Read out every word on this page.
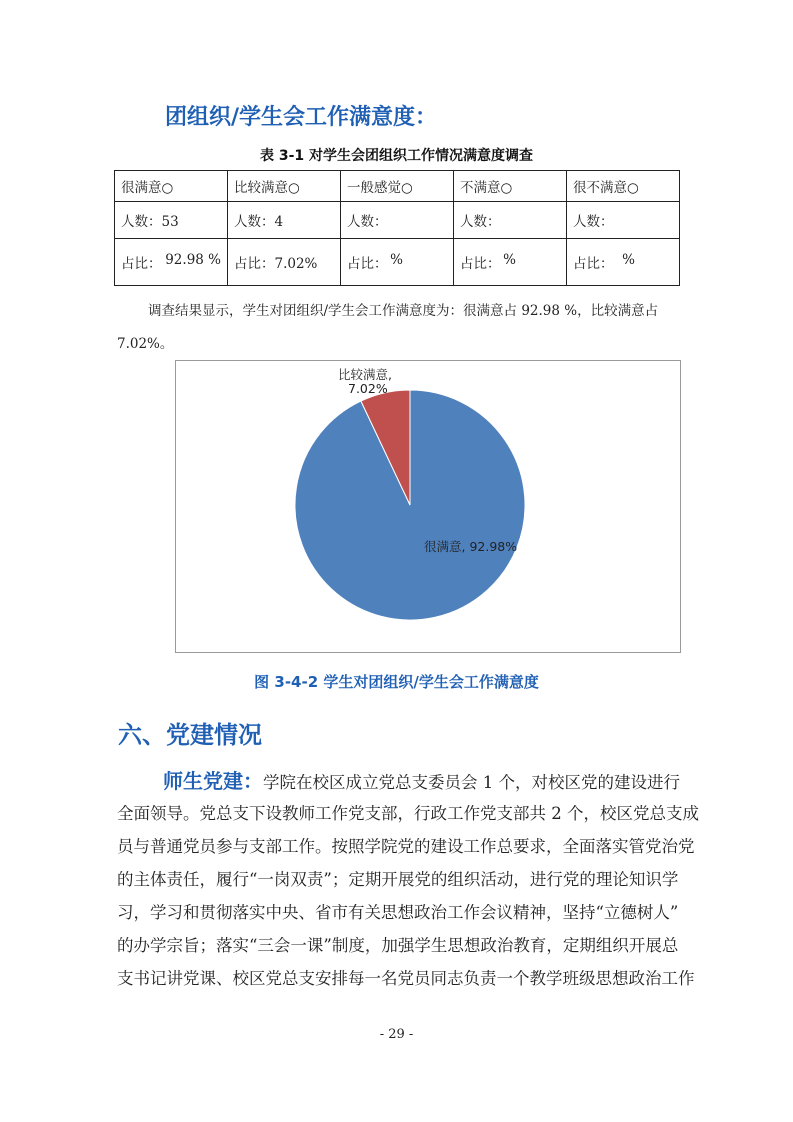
团组织/学生会工作满意度：
表 3-1 对学生会团组织工作情况满意度调查
很满意○	比较满意○	一般感觉○	不满意○	很不满意○
人数：53	人数：4	人数：	人数：	人数：

占比： 92.98 %	占比：7.02%	占比： %	占比： %	占比： %
调查结果显示，学生对团组织/学生会工作满意度为：很满意占 92.98 %，比较满意占
7.02%。
比较满意,
7.02%
很满意, 92.98%
图 3-4-2 学生对团组织/学生会工作满意度
六、党建情况
师生党建：学院在校区成立党总支委员会 1 个，对校区党的建设进行
全面领导。党总支下设教师工作党支部，行政工作党支部共 2 个，校区党总支成
员与普通党员参与支部工作。按照学院党的建设工作总要求，全面落实管党治党
的主体责任，履行“一岗双责”；定期开展党的组织活动，进行党的理论知识学
习，学习和贯彻落实中央、省市有关思想政治工作会议精神，坚持“立德树人”
的办学宗旨；落实“三会一课”制度，加强学生思想政治教育，定期组织开展总
支书记讲党课、校区党总支安排每一名党员同志负责一个教学班级思想政治工作
- 29 -
